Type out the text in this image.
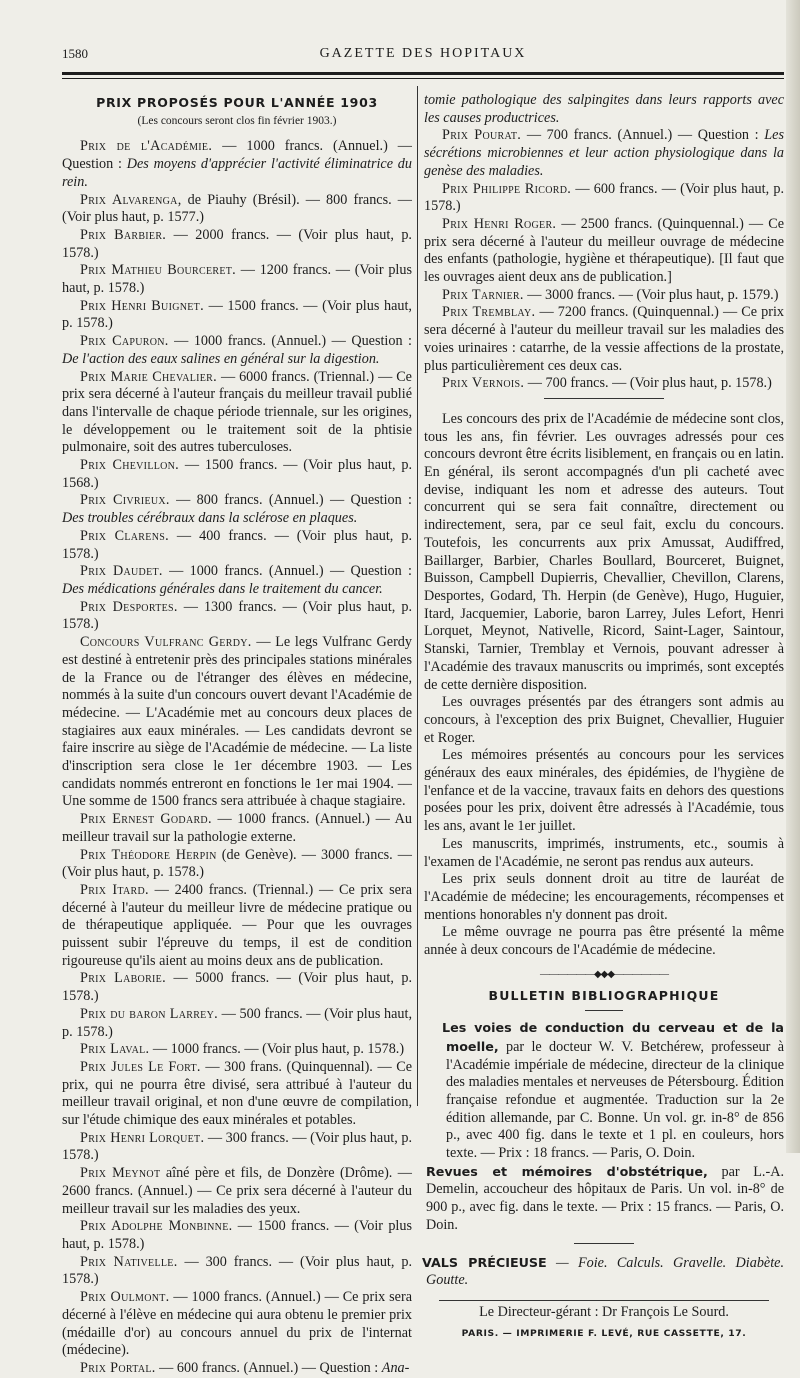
1580	GAZETTE DES HOPITAUX

PRIX PROPOSÉS POUR L'ANNÉE 1903

(Les concours seront clos fin février 1903.)

Prix de l'Académie. — 1000 francs. (Annuel.) — Question : Des moyens d'apprécier l'activité éliminatrice du rein.

Prix Alvarenga, de Piauhy (Brésil). — 800 francs. — (Voir plus haut, p. 1577.)

Prix Barbier. — 2000 francs. — (Voir plus haut, p. 1578.)

Prix Mathieu Bourceret. — 1200 francs. — (Voir plus haut, p. 1578.)

Prix Henri Buignet. — 1500 francs. — (Voir plus haut, p. 1578.)

Prix Capuron. — 1000 francs. (Annuel.) — Question : De l'action des eaux salines en général sur la digestion.

Prix Marie Chevalier. — 6000 francs. (Triennal.) — Ce prix sera décerné à l'auteur français du meilleur travail publié dans l'intervalle de chaque période triennale, sur les origines, le développement ou le traitement soit de la phtisie pulmonaire, soit des autres tuberculoses.

Prix Chevillon. — 1500 francs. — (Voir plus haut, p. 1568.)

Prix Civrieux. — 800 francs. (Annuel.) — Question : Des troubles cérébraux dans la sclérose en plaques.

Prix Clarens. — 400 francs. — (Voir plus haut, p. 1578.)

Prix Daudet. — 1000 francs. (Annuel.) — Question : Des médications générales dans le traitement du cancer.

Prix Desportes. — 1300 francs. — (Voir plus haut, p. 1578.)

Concours Vulfranc Gerdy. — Le legs Vulfranc Gerdy est destiné à entretenir près des principales stations minérales de la France ou de l'étranger des élèves en médecine, nommés à la suite d'un concours ouvert devant l'Académie de médecine. — L'Académie met au concours deux places de stagiaires aux eaux minérales. — Les candidats devront se faire inscrire au siège de l'Académie de médecine. — La liste d'inscription sera close le 1er décembre 1903. — Les candidats nommés entreront en fonctions le 1er mai 1904. — Une somme de 1500 francs sera attribuée à chaque stagiaire.

Prix Ernest Godard. — 1000 francs. (Annuel.) — Au meilleur travail sur la pathologie externe.

Prix Théodore Herpin (de Genève). — 3000 francs. — (Voir plus haut, p. 1578.)

Prix Itard. — 2400 francs. (Triennal.) — Ce prix sera décerné à l'auteur du meilleur livre de médecine pratique ou de thérapeutique appliquée. — Pour que les ouvrages puissent subir l'épreuve du temps, il est de condition rigoureuse qu'ils aient au moins deux ans de publication.

Prix Laborie. — 5000 francs. — (Voir plus haut, p. 1578.)

Prix du baron Larrey. — 500 francs. — (Voir plus haut, p. 1578.)

Prix Laval. — 1000 francs. — (Voir plus haut, p. 1578.)

Prix Jules Le Fort. — 300 frans. (Quinquennal). — Ce prix, qui ne pourra être divisé, sera attribué à l'auteur du meilleur travail original, et non d'une œuvre de compilation, sur l'étude chimique des eaux minérales et potables.

Prix Henri Lorquet. — 300 francs. — (Voir plus haut, p. 1578.)

Prix Meynot aîné père et fils, de Donzère (Drôme). — 2600 francs. (Annuel.) — Ce prix sera décerné à l'auteur du meilleur travail sur les maladies des yeux.

Prix Adolphe Monbinne. — 1500 francs. — (Voir plus haut, p. 1578.)

Prix Nativelle. — 300 francs. — (Voir plus haut, p. 1578.)

Prix Oulmont. — 1000 francs. (Annuel.) — Ce prix sera décerné à l'élève en médecine qui aura obtenu le premier prix (médaille d'or) au concours annuel du prix de l'internat (médecine).

Prix Portal. — 600 francs. (Annuel.) — Question : Ana-

tomie pathologique des salpingites dans leurs rapports avec les causes productrices.

Prix Pourat. — 700 francs. (Annuel.) — Question : Les sécrétions microbiennes et leur action physiologique dans la genèse des maladies.

Prix Philippe Ricord. — 600 francs. — (Voir plus haut, p. 1578.)

Prix Henri Roger. — 2500 francs. (Quinquennal.) — Ce prix sera décerné à l'auteur du meilleur ouvrage de médecine des enfants (pathologie, hygiène et thérapeutique). [Il faut que les ouvrages aient deux ans de publication.]

Prix Tarnier. — 3000 francs. — (Voir plus haut, p. 1579.)

Prix Tremblay. — 7200 francs. (Quinquennal.) — Ce prix sera décerné à l'auteur du meilleur travail sur les maladies des voies urinaires : catarrhe, de la vessie affections de la prostate, plus particulièrement ces deux cas.

Prix Vernois. — 700 francs. — (Voir plus haut, p. 1578.)

Les concours des prix de l'Académie de médecine sont clos, tous les ans, fin février. Les ouvrages adressés pour ces concours devront être écrits lisiblement, en français ou en latin. En général, ils seront accompagnés d'un pli cacheté avec devise, indiquant les nom et adresse des auteurs. Tout concurrent qui se sera fait connaître, directement ou indirectement, sera, par ce seul fait, exclu du concours. Toutefois, les concurrents aux prix Amussat, Audiffred, Baillarger, Barbier, Charles Boullard, Bourceret, Buignet, Buisson, Campbell Dupierris, Chevallier, Chevillon, Clarens, Desportes, Godard, Th. Herpin (de Genève), Hugo, Huguier, Itard, Jacquemier, Laborie, baron Larrey, Jules Lefort, Henri Lorquet, Meynot, Nativelle, Ricord, Saint-Lager, Saintour, Stanski, Tarnier, Tremblay et Vernois, pouvant adresser à l'Académie des travaux manuscrits ou imprimés, sont exceptés de cette dernière disposition.

Les ouvrages présentés par des étrangers sont admis au concours, à l'exception des prix Buignet, Chevallier, Huguier et Roger.

Les mémoires présentés au concours pour les services généraux des eaux minérales, des épidémies, de l'hygiène de l'enfance et de la vaccine, travaux faits en dehors des questions posées pour les prix, doivent être adressés à l'Académie, tous les ans, avant le 1er juillet.

Les manuscrits, imprimés, instruments, etc., soumis à l'examen de l'Académie, ne seront pas rendus aux auteurs.

Les prix seuls donnent droit au titre de lauréat de l'Académie de médecine; les encouragements, récompenses et mentions honorables n'y donnent pas droit.

Le même ouvrage ne pourra pas être présenté la même année à deux concours de l'Académie de médecine.

——————◆◆◆——————

BULLETIN BIBLIOGRAPHIQUE

Les voies de conduction du cerveau et de la moelle, par le docteur W. V. Betchérew, professeur à l'Académie impériale de médecine, directeur de la clinique des maladies mentales et nerveuses de Pétersbourg. Édition française refondue et augmentée. Traduction sur la 2e édition allemande, par C. Bonne. Un vol. gr. in-8° de 856 p., avec 400 fig. dans le texte et 1 pl. en couleurs, hors texte. — Prix : 18 francs. — Paris, O. Doin.

Revues et mémoires d'obstétrique, par L.-A. Demelin, accoucheur des hôpitaux de Paris. Un vol. in-8° de 900 p., avec fig. dans le texte. — Prix : 15 francs. — Paris, O. Doin.

VALS PRÉCIEUSE — Foie. Calculs. Gravelle. Diabète. Goutte.

Le Directeur-gérant : Dr François Le Sourd.

PARIS. — IMPRIMERIE F. LEVÉ, RUE CASSETTE, 17.
